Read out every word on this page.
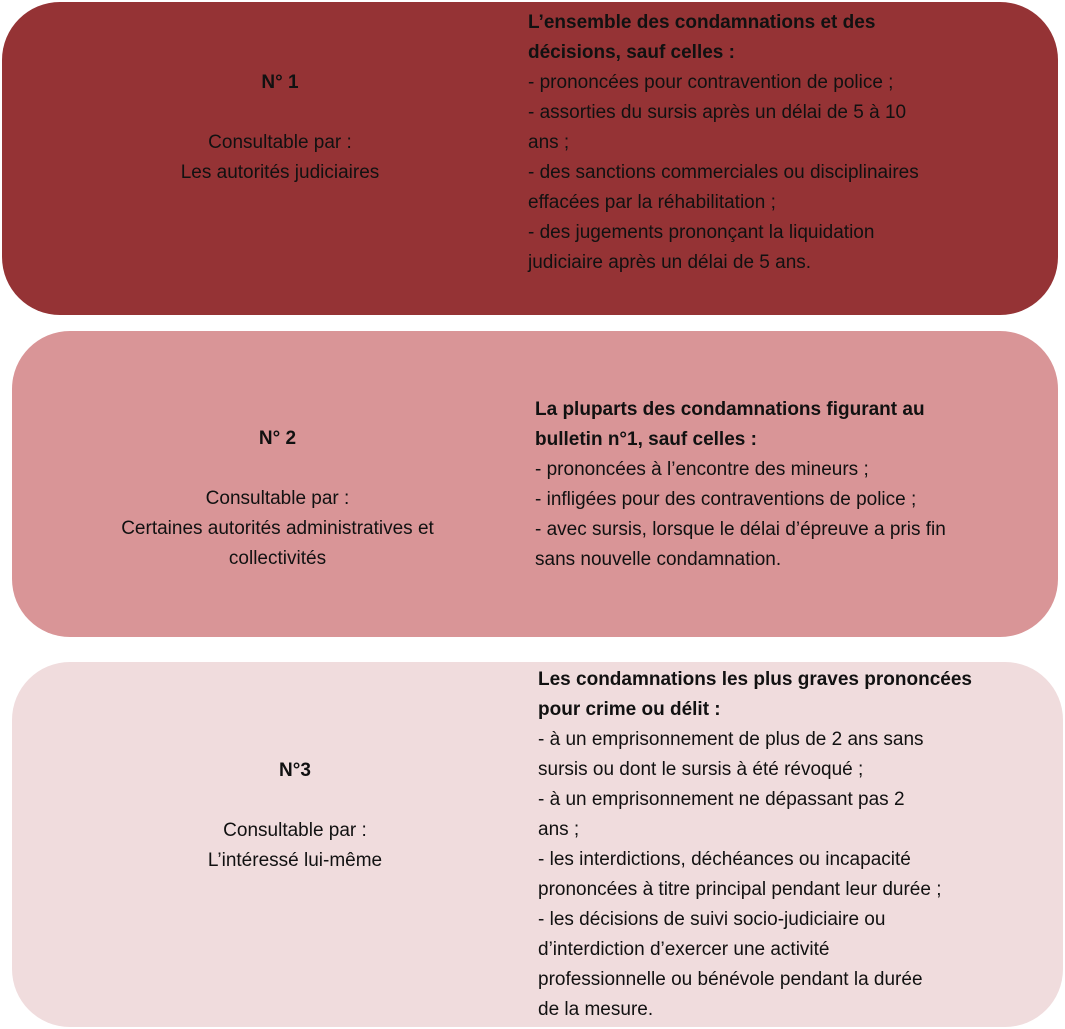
N° 1
Consultable par :
Les autorités judiciaires
L’ensemble des condamnations et des
décisions, sauf celles :
- prononcées pour contravention de police ;
- assorties du sursis après un délai de 5 à 10
ans ;
- des sanctions commerciales ou disciplinaires
effacées par la réhabilitation ;
- des jugements prononçant la liquidation
judiciaire après un délai de 5 ans.
N° 2
Consultable par :
Certaines autorités administratives et
collectivités
La pluparts des condamnations figurant au
bulletin n°1, sauf celles :
- prononcées à l’encontre des mineurs ;
- infligées pour des contraventions de police ;
- avec sursis, lorsque le délai d’épreuve a pris fin
sans nouvelle condamnation.
N°3
Consultable par :
L’intéressé lui-même
Les condamnations les plus graves prononcées
pour crime ou délit :
- à un emprisonnement de plus de 2 ans sans
sursis ou dont le sursis à été révoqué ;
- à un emprisonnement ne dépassant pas 2
ans ;
- les interdictions, déchéances ou incapacité
prononcées à titre principal pendant leur durée ;
- les décisions de suivi socio-judiciaire ou
d’interdiction d’exercer une activité
professionnelle ou bénévole pendant la durée
de la mesure.
